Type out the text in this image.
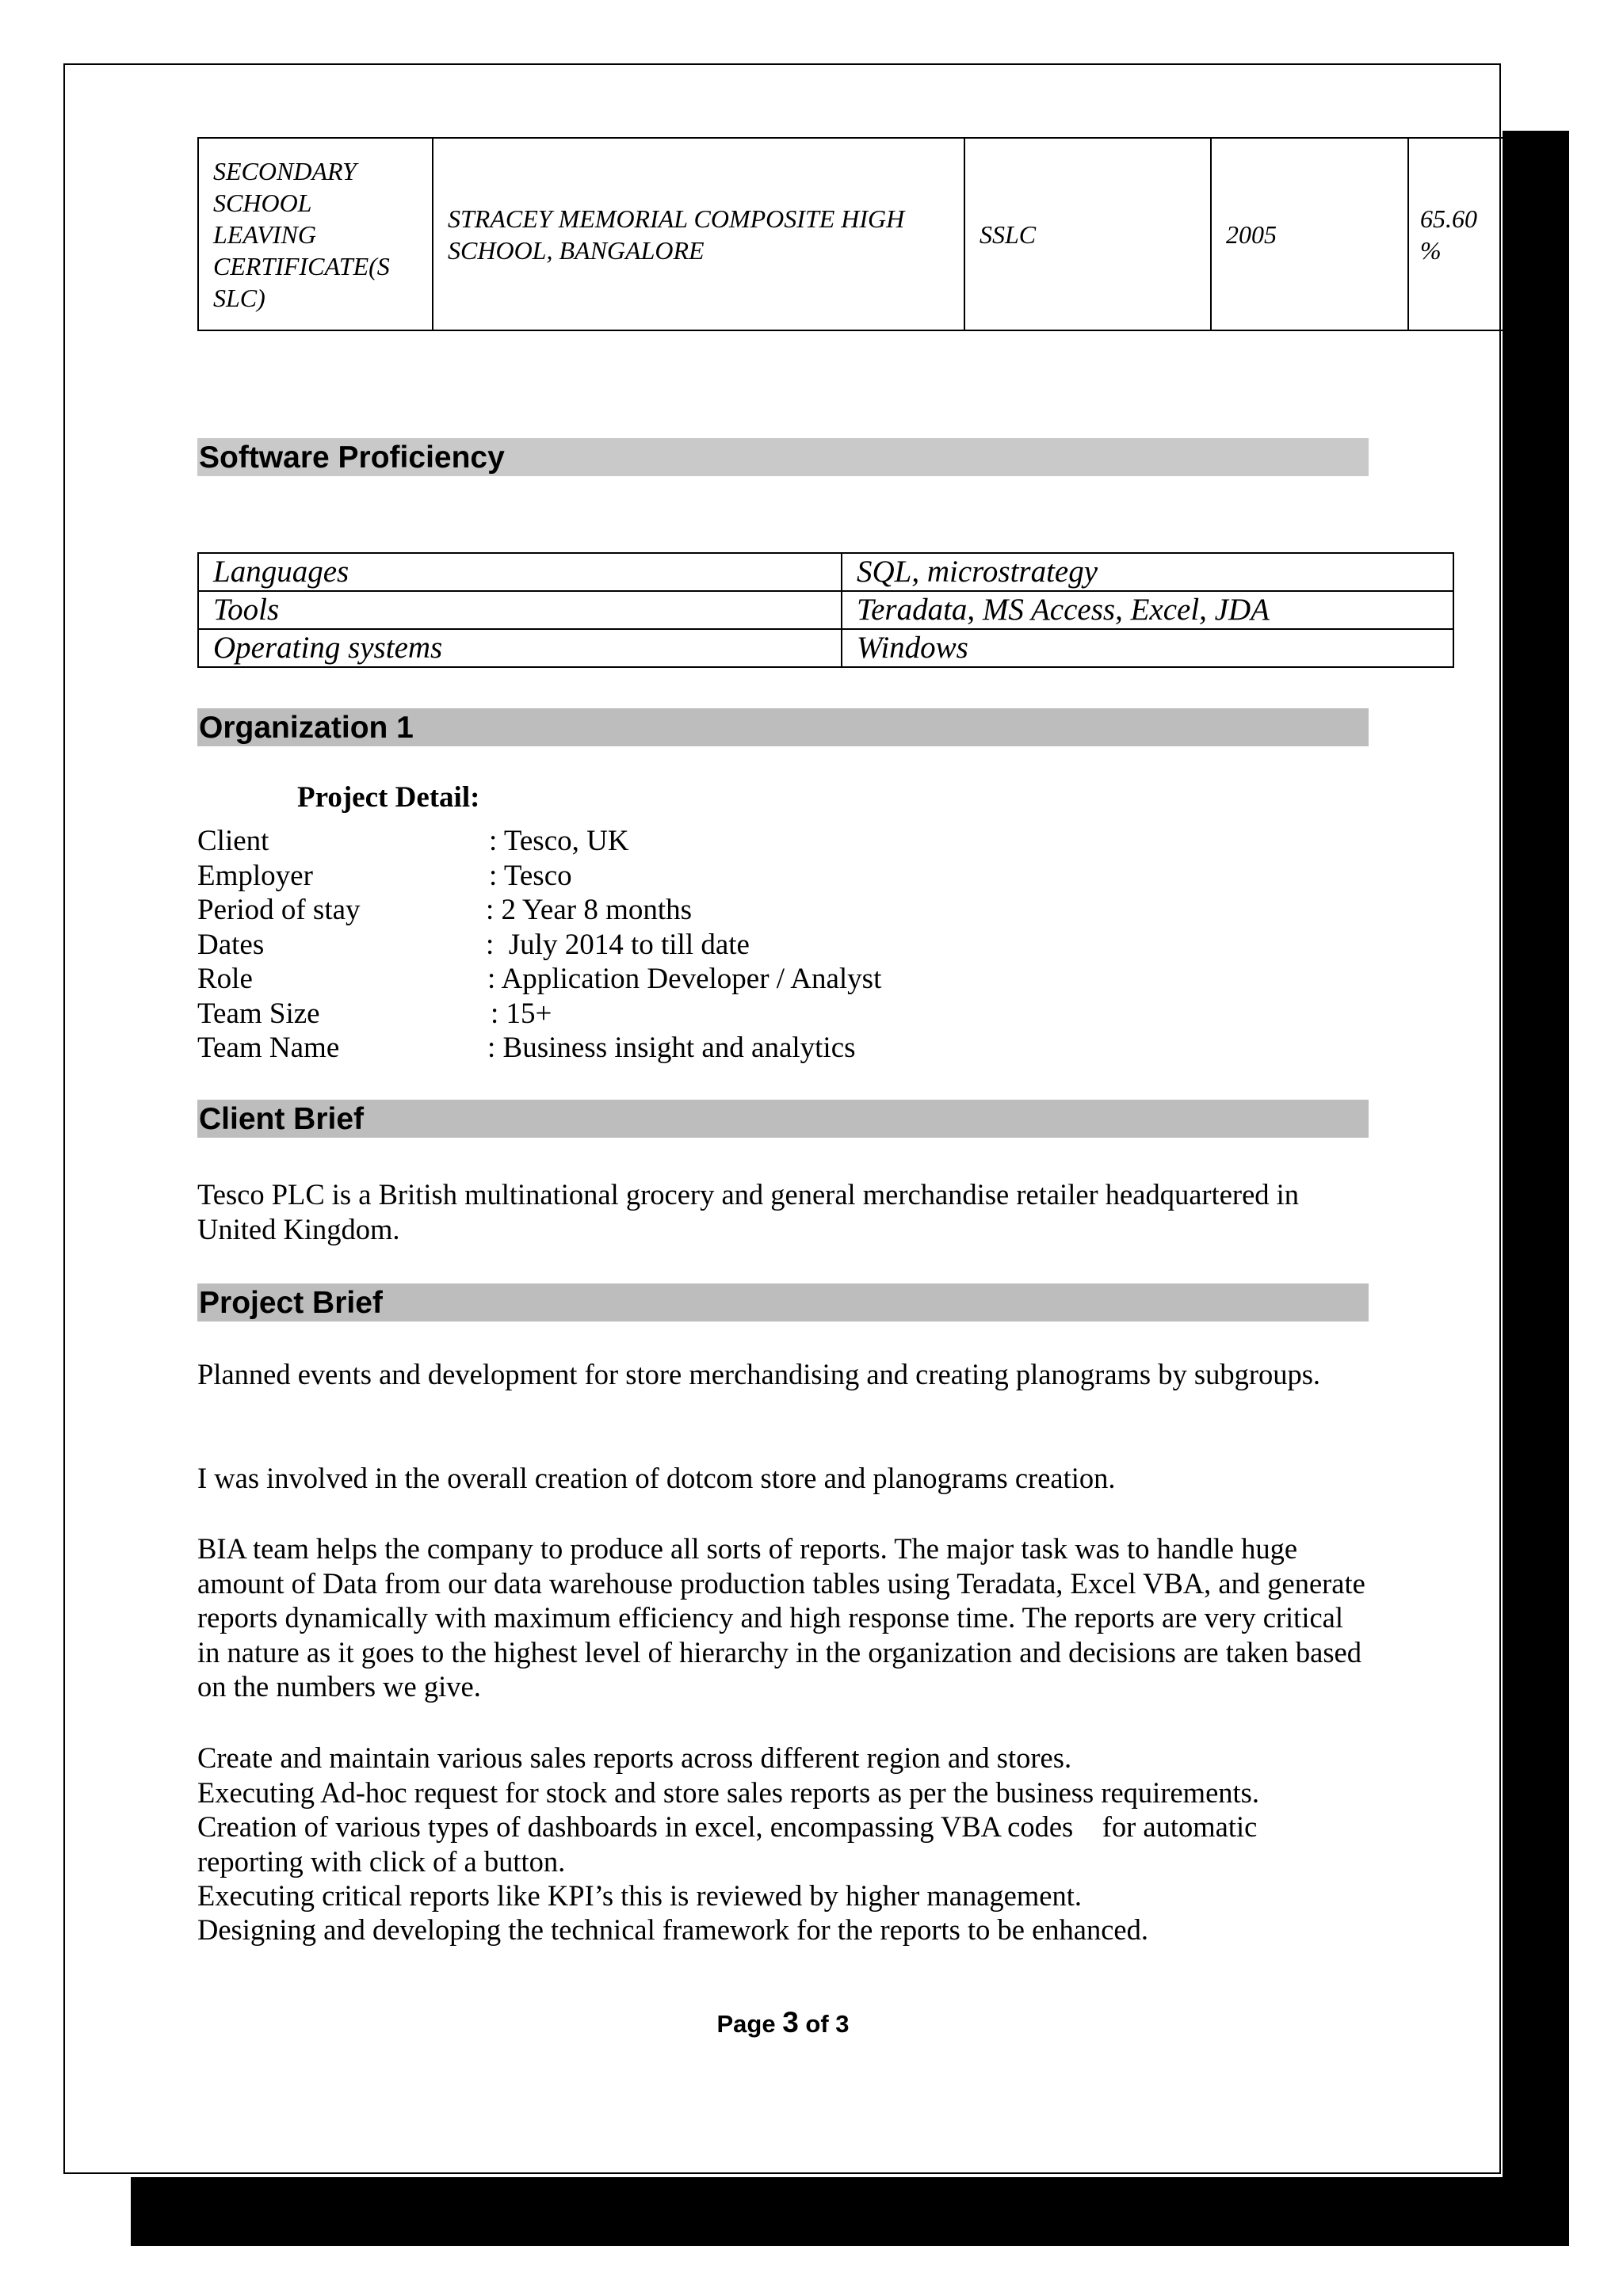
SECONDARY SCHOOL LEAVING CERTIFICATE(S SLC)	STRACEY MEMORIAL COMPOSITE HIGH SCHOOL, BANGALORE	SSLC	2005	65.60 %
Software Proficiency
Languages	SQL, microstrategy
Tools	Teradata, MS Access, Excel, JDA
Operating systems	Windows
Organization 1
Project Detail:
Client	: Tesco, UK
Employer	: Tesco
Period of stay	: 2 Year 8 months
Dates	:  July 2014 to till date
Role	: Application Developer / Analyst
Team Size	: 15+
Team Name	: Business insight and analytics
Client Brief
Tesco PLC is a British multinational grocery and general merchandise retailer headquartered in United Kingdom.
Project Brief
Planned events and development for store merchandising and creating planograms by subgroups.
I was involved in the overall creation of dotcom store and planograms creation.
BIA team helps the company to produce all sorts of reports. The major task was to handle huge amount of Data from our data warehouse production tables using Teradata, Excel VBA, and generate reports dynamically with maximum efficiency and high response time. The reports are very critical in nature as it goes to the highest level of hierarchy in the organization and decisions are taken based on the numbers we give.
Create and maintain various sales reports across different region and stores.
Executing Ad-hoc request for stock and store sales reports as per the business requirements.
Creation of various types of dashboards in excel, encompassing VBA codes    for automatic reporting with click of a button.
Executing critical reports like KPI’s this is reviewed by higher management.
Designing and developing the technical framework for the reports to be enhanced.
Page 3 of 3
